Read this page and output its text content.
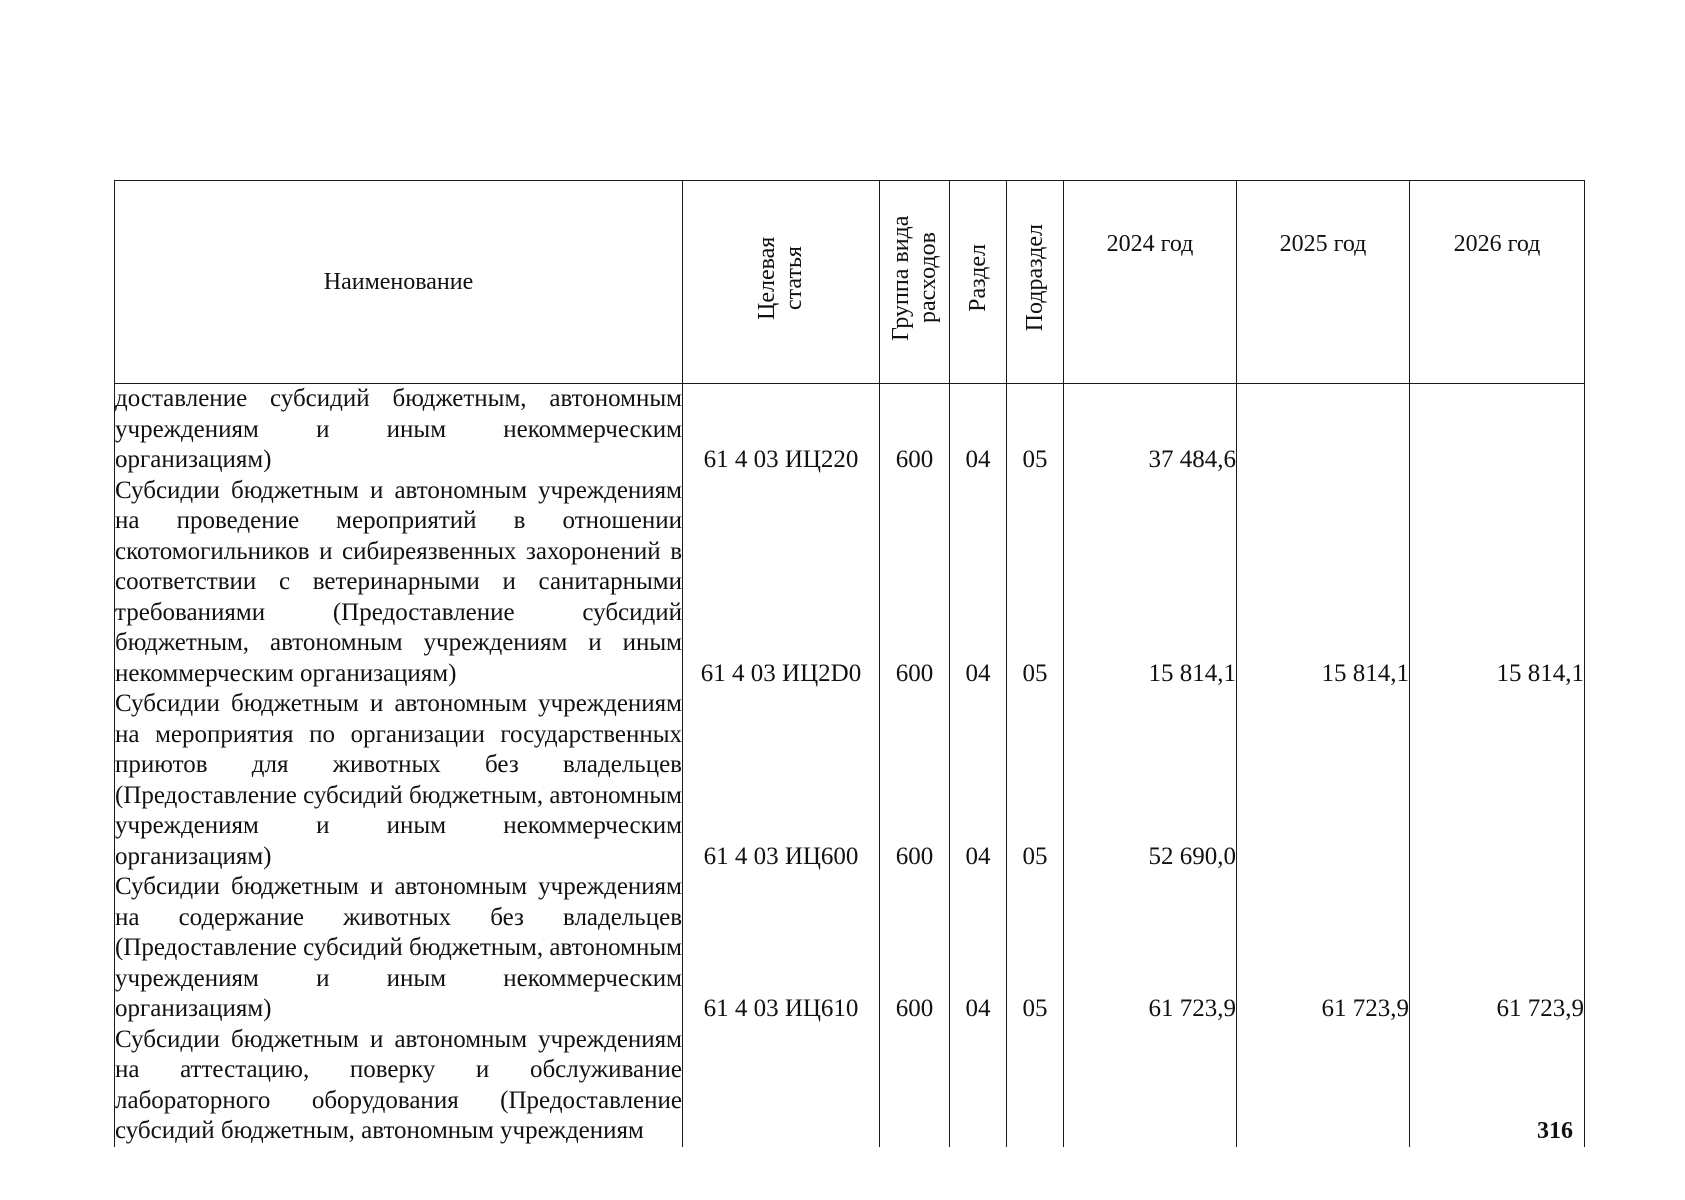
Наименование	Целевая статья	Группа вида расходов	Раздел	Подраздел	2024 год	2025 год	2026 год

доставление субсидий бюджетным, автономным учреждениям и иным некоммерческим организациям)	61 4 03 ИЦ220	600	04	05	37 484,6		

Субсидии бюджетным и автономным учреждениям на проведение мероприятий в отношении скотомогильников и сибиреязвенных захоронений в соответствии с ветеринарными и санитарными требованиями (Предоставление субсидий бюджетным, автономным учреждениям и иным некоммерческим организациям)	61 4 03 ИЦ2D0	600	04	05	15 814,1	15 814,1	15 814,1

Субсидии бюджетным и автономным учреждениям на мероприятия по организации государственных приютов для животных без владельцев (Предоставление субсидий бюджетным, автономным учреждениям и иным некоммерческим организациям)	61 4 03 ИЦ600	600	04	05	52 690,0		

Субсидии бюджетным и автономным учреждениям на содержание животных без владельцев (Предоставление субсидий бюджетным, автономным учреждениям и иным некоммерческим организациям)	61 4 03 ИЦ610	600	04	05	61 723,9	61 723,9	61 723,9

Субсидии бюджетным и автономным учреждениям на аттестацию, поверку и обслуживание лабораторного оборудования (Предоставление субсидий бюджетным, автономным учреждениям							
								316
